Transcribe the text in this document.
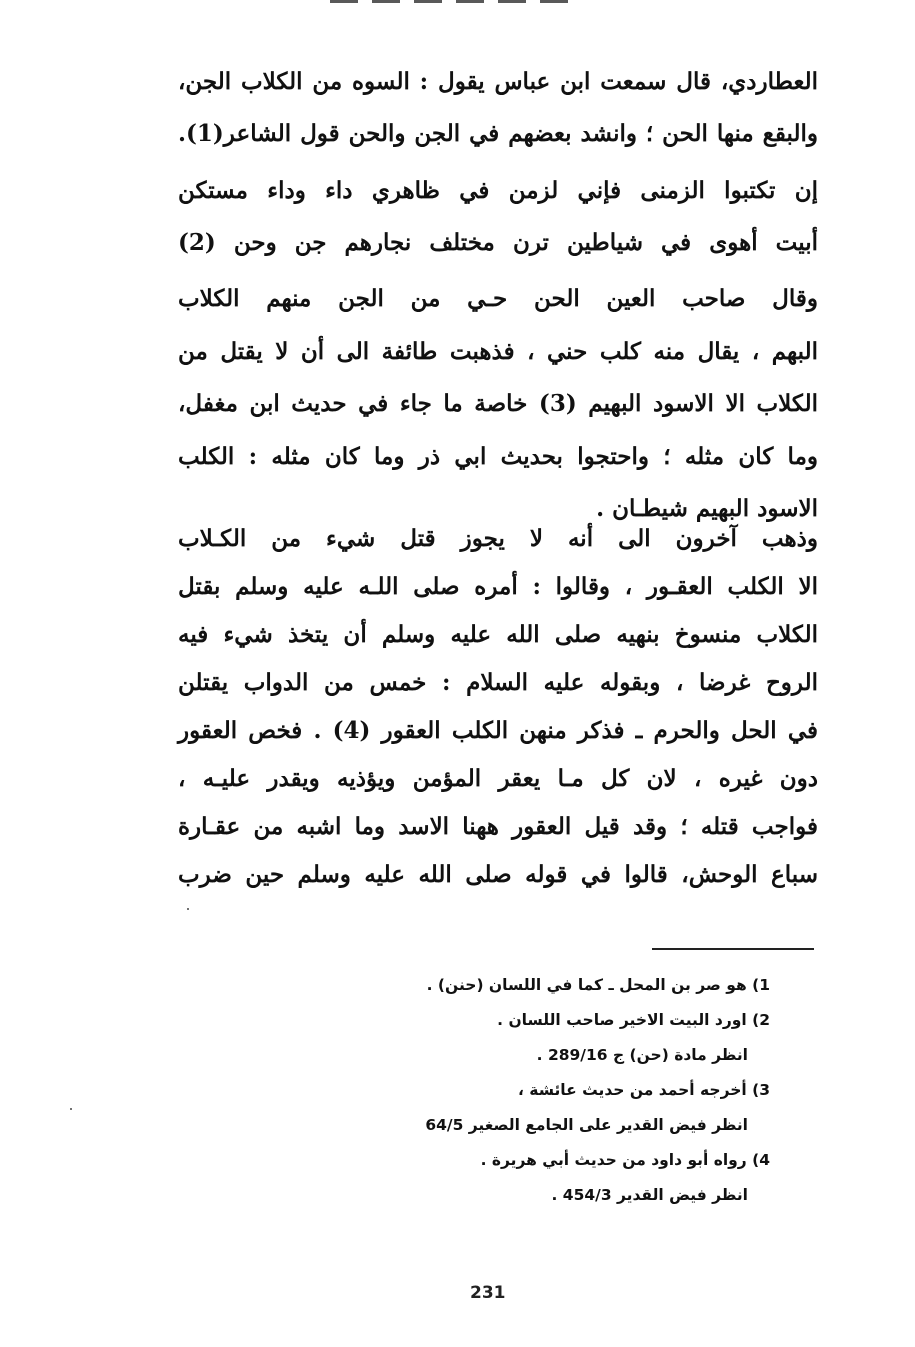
العطاردي، قال سمعت ابن عباس يقول : السوه من الكلاب الجن،
والبقع منها الحن ؛ وانشد بعضهم في الجن والحن قول الشاعر(1).
إن تكتبوا الزمنى فإني لزمن في ظاهري داء وداء مستكن
أبيت أهوى في شياطين ترن مختلف نجارهم جن وحن (2)
وقال صاحب العين الحن حـي من الجن منهم الكلاب
البهم ، يقال منه كلب حني ، فذهبت طائفة الى أن لا يقتل من
الكلاب الا الاسود البهيم (3) خاصة ما جاء في حديث ابن مغفل،
وما كان مثله ؛ واحتجوا بحديث ابي ذر وما كان مثله : الكلب
الاسود البهيم شيطـان .
وذهب آخرون الى أنه لا يجوز قتل شيء من الكـلاب
الا الكلب العقـور ، وقالوا : أمره صلى اللـه عليه وسلم بقتل
الكلاب منسوخ بنهيه صلى الله عليه وسلم أن يتخذ شيء فيه
الروح غرضا ، وبقوله عليه السلام : خمس من الدواب يقتلن
في الحل والحرم ـ فذكر منهن الكلب العقور (4) . فخص العقور
دون غيره ، لان كل مـا يعقر المؤمن ويؤذيه ويقدر عليـه ،
فواجب قتله ؛ وقد قيل العقور ههنا الاسد وما اشبه من عقـارة
سباع الوحش، قالوا في قوله صلى الله عليه وسلم حين ضرب
1) هو صر بن المحل ـ كما في اللسان (حنن) .
2) اورد البيت الاخير صاحب اللسان .
انظر مادة (حن) ج 289/16 .
3) أخرجه أحمد من حديث عائشة ،
انظر فيض القدير على الجامع الصغير 64/5
4) رواه أبو داود من حديث أبي هريرة .
انظر فيض القدير 454/3 .
231
